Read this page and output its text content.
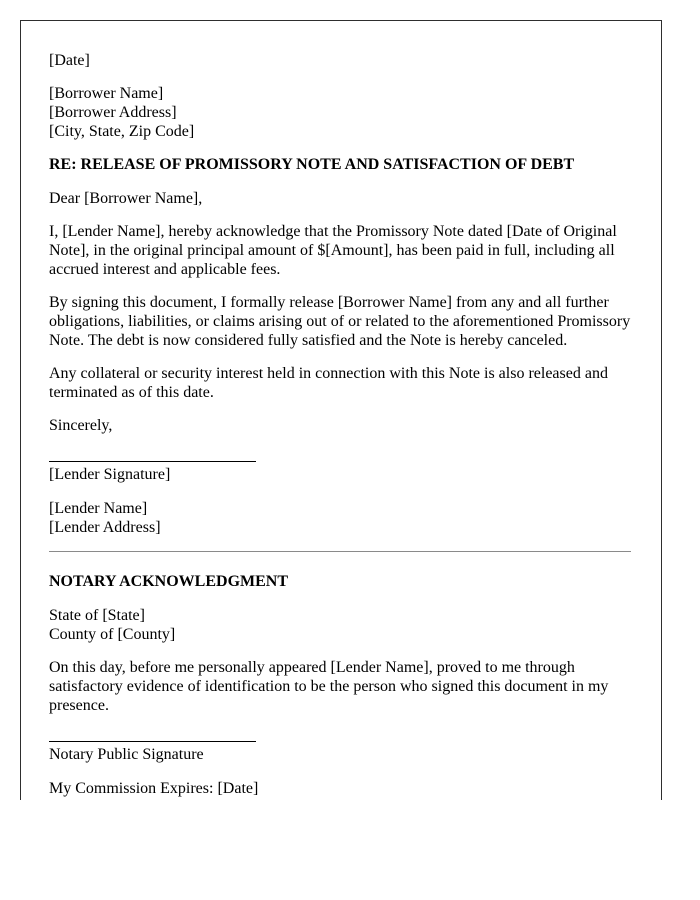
[Date]

[Borrower Name]

[Borrower Address]

[City, State, Zip Code]

RE: RELEASE OF PROMISSORY NOTE AND SATISFACTION OF DEBT

Dear [Borrower Name],

I, [Lender Name], hereby acknowledge that the Promissory Note dated [Date of Original Note], in the original principal amount of $[Amount], has been paid in full, including all accrued interest and applicable fees.

By signing this document, I formally release [Borrower Name] from any and all further obligations, liabilities, or claims arising out of or related to the aforementioned Promissory Note. The debt is now considered fully satisfied and the Note is hereby canceled.

Any collateral or security interest held in connection with this Note is also released and terminated as of this date.

Sincerely,

[Lender Signature]

[Lender Name]

[Lender Address]

NOTARY ACKNOWLEDGMENT

State of [State]

County of [County]

On this day, before me personally appeared [Lender Name], proved to me through satisfactory evidence of identification to be the person who signed this document in my presence.

Notary Public Signature

My Commission Expires: [Date]
